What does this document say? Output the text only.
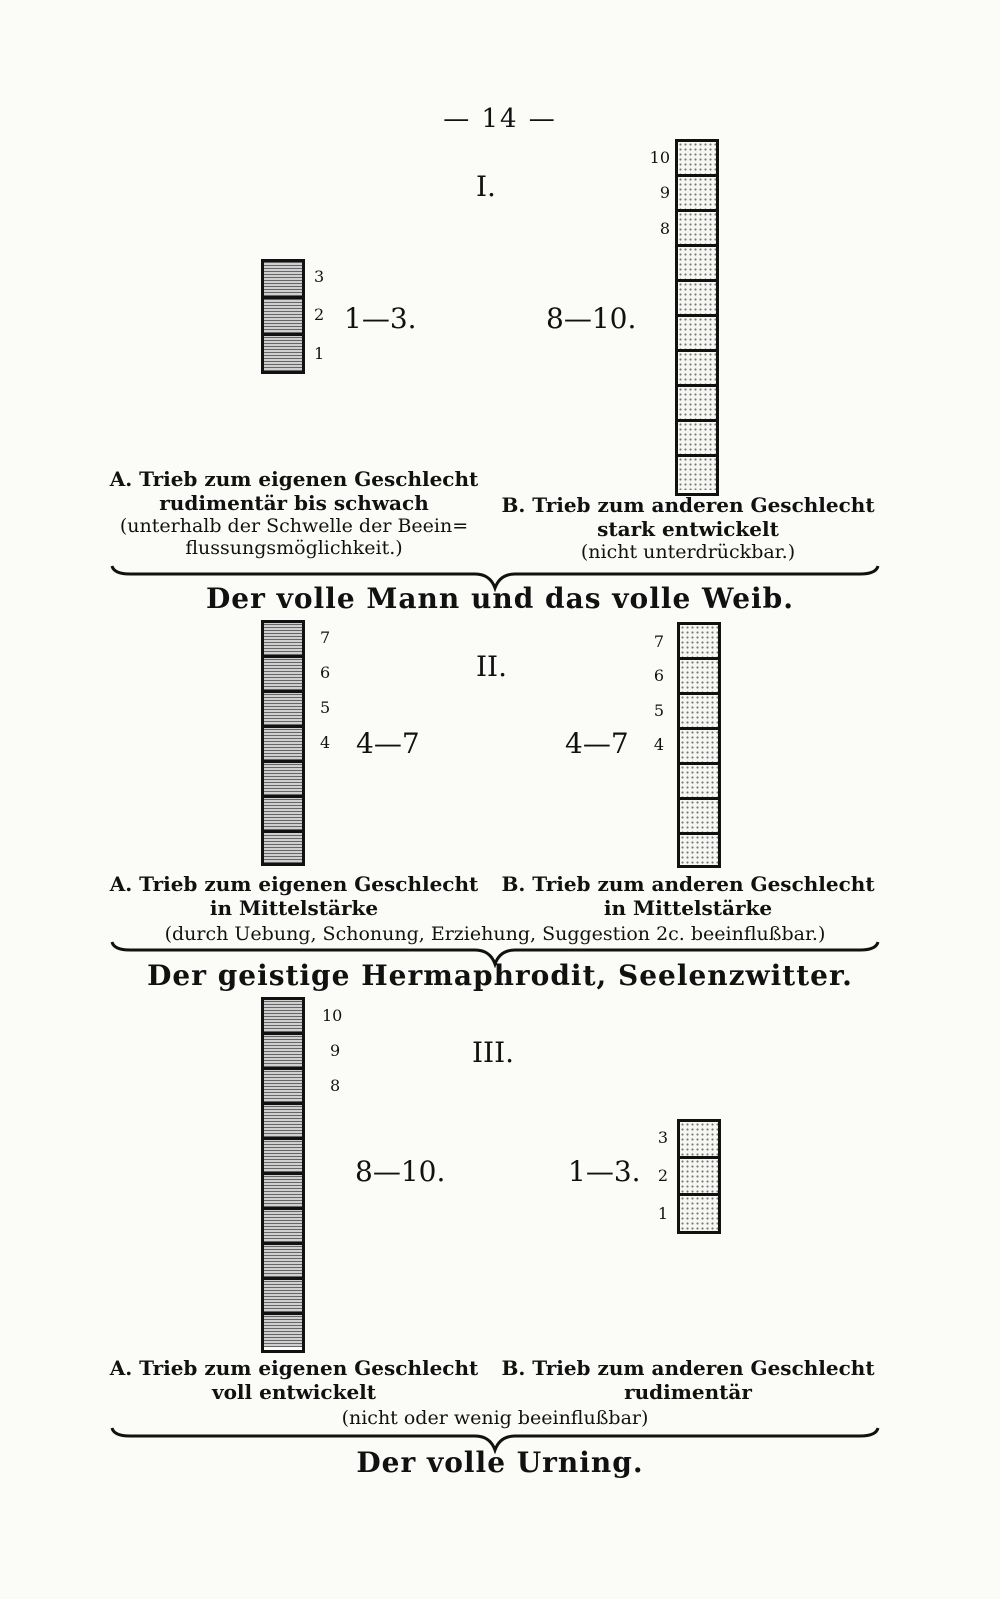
— 14 —
I.
3
2
1
1—3.	8—10.
10
9
8
A. Trieb zum eigenen Geschlecht
rudimentär bis schwach
(unterhalb der Schwelle der Beein=
flussungsmöglichkeit.)
B. Trieb zum anderen Geschlecht
stark entwickelt
(nicht unterdrückbar.)
Der volle Mann und das volle Weib.
II.
7
6
5
4 4—7	4—7
7
6
5
4
A. Trieb zum eigenen Geschlecht
in Mittelstärke
B. Trieb zum anderen Geschlecht
in Mittelstärke
(durch Uebung, Schonung, Erziehung, Suggestion 2c. beeinflußbar.)
Der geistige Hermaphrodit, Seelenzwitter.
III.
10
9
8
8—10.	1—3.
3
2
1
A. Trieb zum eigenen Geschlecht
voll entwickelt
B. Trieb zum anderen Geschlecht
rudimentär
(nicht oder wenig beeinflußbar)
Der volle Urning.
